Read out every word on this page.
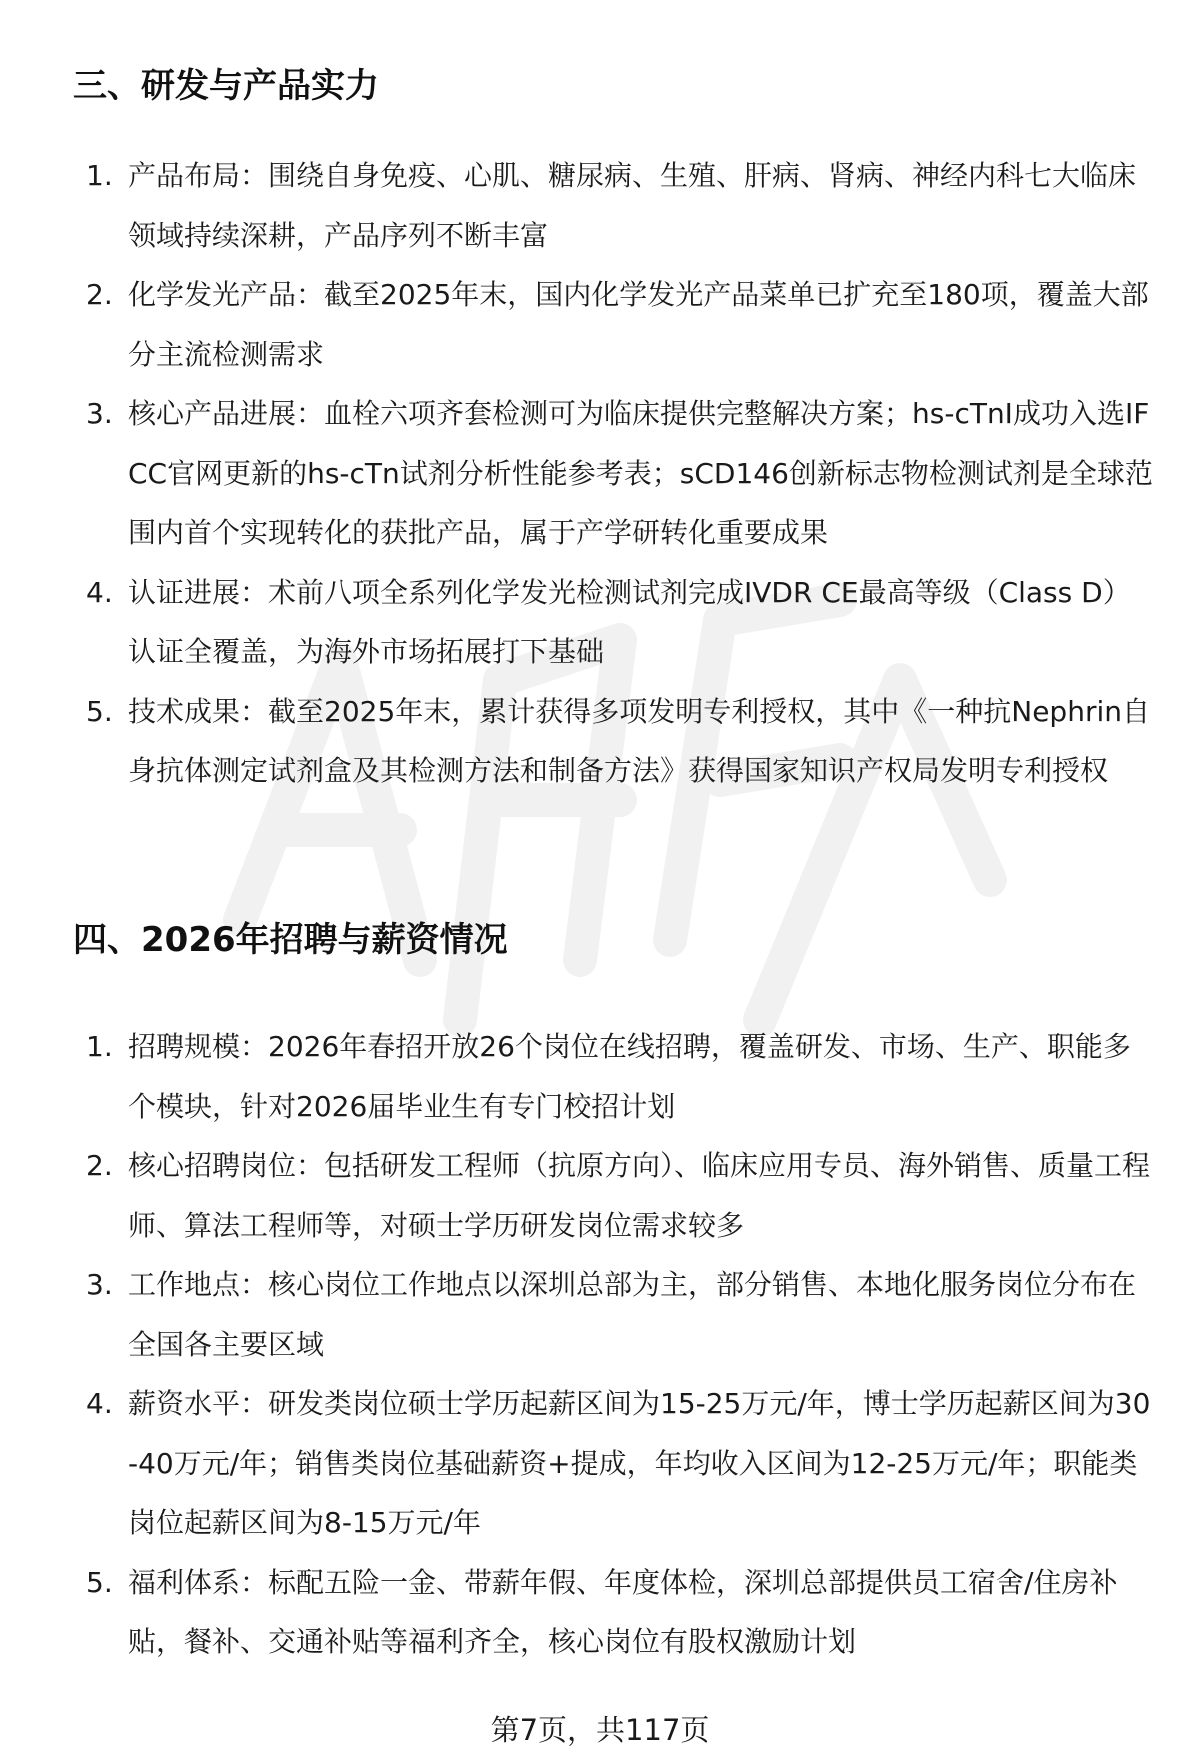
三、研发与产品实力
1. 产品布局：围绕自身免疫、心肌、糖尿病、生殖、肝病、肾病、神经内科七大临床领域持续深耕，产品序列不断丰富
2. 化学发光产品：截至2025年末，国内化学发光产品菜单已扩充至180项，覆盖大部分主流检测需求
3. 核心产品进展：血栓六项齐套检测可为临床提供完整解决方案；hs-cTnI成功入选IFCC官网更新的hs-cTn试剂分析性能参考表；sCD146创新标志物检测试剂是全球范围内首个实现转化的获批产品，属于产学研转化重要成果
4. 认证进展：术前八项全系列化学发光检测试剂完成IVDR CE最高等级（Class D）认证全覆盖，为海外市场拓展打下基础
5. 技术成果：截至2025年末，累计获得多项发明专利授权，其中《一种抗Nephrin自身抗体测定试剂盒及其检测方法和制备方法》获得国家知识产权局发明专利授权
四、2026年招聘与薪资情况
1. 招聘规模：2026年春招开放26个岗位在线招聘，覆盖研发、市场、生产、职能多个模块，针对2026届毕业生有专门校招计划
2. 核心招聘岗位：包括研发工程师（抗原方向）、临床应用专员、海外销售、质量工程师、算法工程师等，对硕士学历研发岗位需求较多
3. 工作地点：核心岗位工作地点以深圳总部为主，部分销售、本地化服务岗位分布在全国各主要区域
4. 薪资水平：研发类岗位硕士学历起薪区间为15-25万元/年，博士学历起薪区间为30-40万元/年；销售类岗位基础薪资+提成，年均收入区间为12-25万元/年；职能类岗位起薪区间为8-15万元/年
5. 福利体系：标配五险一金、带薪年假、年度体检，深圳总部提供员工宿舍/住房补贴，餐补、交通补贴等福利齐全，核心岗位有股权激励计划
第7页，共117页
